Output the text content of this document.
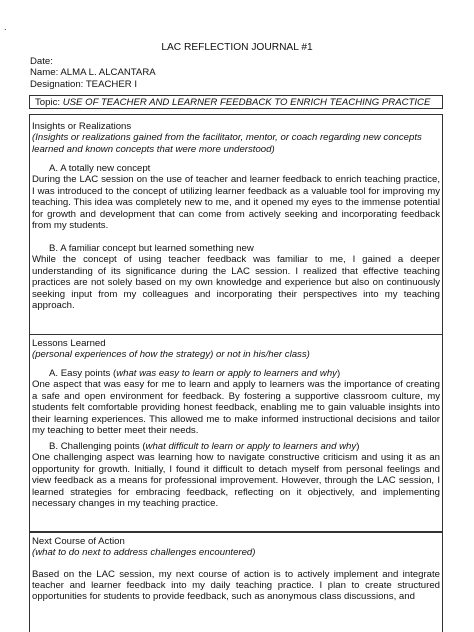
.
LAC REFLECTION JOURNAL #1
Date:
Name: ALMA L. ALCANTARA
Designation: TEACHER I
Topic: USE OF TEACHER AND LEARNER FEEDBACK TO ENRICH TEACHING PRACTICE
Insights or Realizations
(Insights or realizations gained from the facilitator, mentor, or coach regarding new concepts learned and known concepts that were more understood)
A. A totally new concept
During the LAC session on the use of teacher and learner feedback to enrich teaching practice, I was introduced to the concept of utilizing learner feedback as a valuable tool for improving my teaching. This idea was completely new to me, and it opened my eyes to the immense potential for growth and development that can come from actively seeking and incorporating feedback from my students.
B. A familiar concept but learned something new
While the concept of using teacher feedback was familiar to me, I gained a deeper understanding of its significance during the LAC session. I realized that effective teaching practices are not solely based on my own knowledge and experience but also on continuously seeking input from my colleagues and incorporating their perspectives into my teaching approach.
Lessons Learned
(personal experiences of how the strategy) or not in his/her class)
A. Easy points (what was easy to learn or apply to learners and why)
One aspect that was easy for me to learn and apply to learners was the importance of creating a safe and open environment for feedback. By fostering a supportive classroom culture, my students felt comfortable providing honest feedback, enabling me to gain valuable insights into their learning experiences. This allowed me to make informed instructional decisions and tailor my teaching to better meet their needs.
B. Challenging points (what difficult to learn or apply to learners and why)
One challenging aspect was learning how to navigate constructive criticism and using it as an opportunity for growth. Initially, I found it difficult to detach myself from personal feelings and view feedback as a means for professional improvement. However, through the LAC session, I learned strategies for embracing feedback, reflecting on it objectively, and implementing necessary changes in my teaching practice.
Next Course of Action
(what to do next to address challenges encountered)
Based on the LAC session, my next course of action is to actively implement and integrate teacher and learner feedback into my daily teaching practice. I plan to create structured opportunities for students to provide feedback, such as anonymous class discussions, and
